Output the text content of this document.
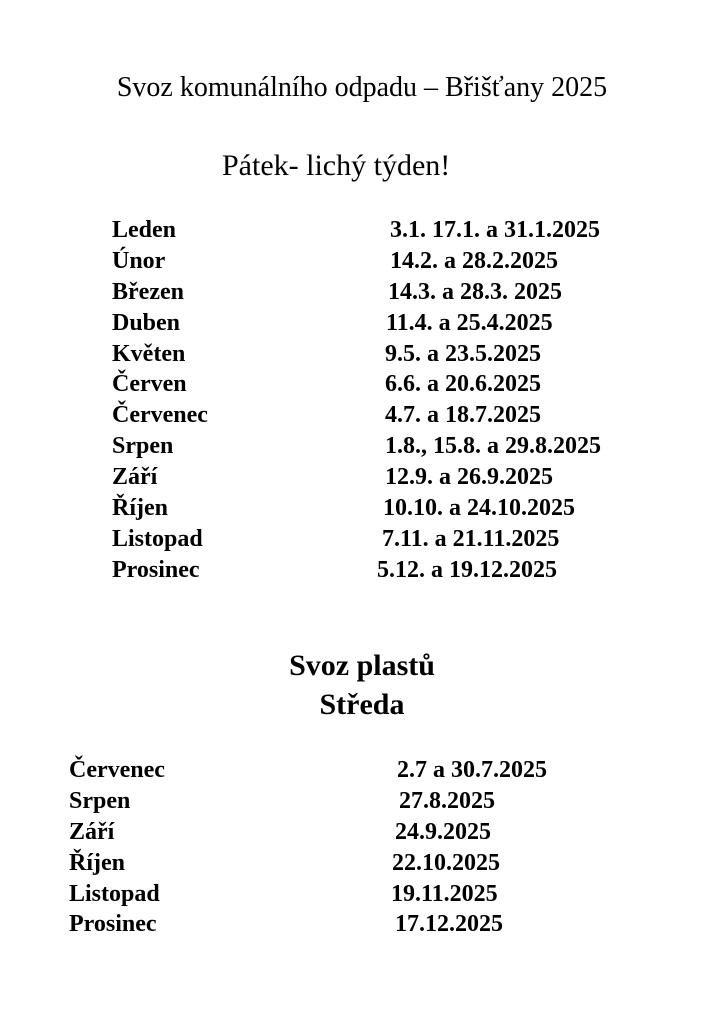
Svoz komunálního odpadu – Břišťany 2025
Pátek- lichý týden!
Leden	3.1. 17.1. a 31.1.2025
Únor	14.2. a 28.2.2025
Březen	14.3. a 28.3. 2025
Duben	11.4. a 25.4.2025
Květen	9.5. a 23.5.2025
Červen	6.6. a 20.6.2025
Červenec	4.7. a 18.7.2025
Srpen	1.8., 15.8. a 29.8.2025
Září	12.9. a 26.9.2025
Říjen	10.10. a 24.10.2025
Listopad	7.11. a 21.11.2025
Prosinec	5.12. a 19.12.2025
Svoz plastů
Středa
Červenec	2.7 a 30.7.2025
Srpen	27.8.2025
Září	24.9.2025
Říjen	22.10.2025
Listopad	19.11.2025
Prosinec	17.12.2025
